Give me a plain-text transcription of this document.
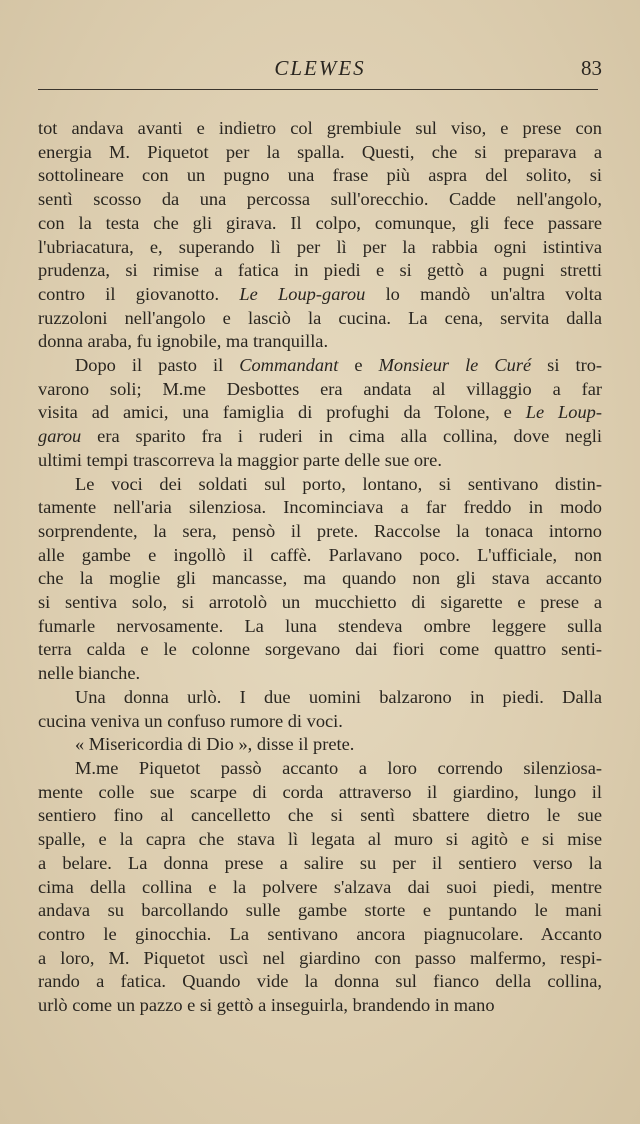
CLEWES	83

tot andava avanti e indietro col grembiule sul viso, e prese con
energia M. Piquetot per la spalla. Questi, che si preparava a
sottolineare con un pugno una frase più aspra del solito, si
sentì scosso da una percossa sull'orecchio. Cadde nell'angolo,
con la testa che gli girava. Il colpo, comunque, gli fece passare
l'ubriacatura, e, superando lì per lì per la rabbia ogni istintiva
prudenza, si rimise a fatica in piedi e si gettò a pugni stretti
contro il giovanotto. Le Loup-garou lo mandò un'altra volta
ruzzoloni nell'angolo e lasciò la cucina. La cena, servita dalla
donna araba, fu ignobile, ma tranquilla.

Dopo il pasto il Commandant e Monsieur le Curé si tro-
varono soli; M.me Desbottes era andata al villaggio a far
visita ad amici, una famiglia di profughi da Tolone, e Le Loup-
garou era sparito fra i ruderi in cima alla collina, dove negli
ultimi tempi trascorreva la maggior parte delle sue ore.

Le voci dei soldati sul porto, lontano, si sentivano distin-
tamente nell'aria silenziosa. Incominciava a far freddo in modo
sorprendente, la sera, pensò il prete. Raccolse la tonaca intorno
alle gambe e ingollò il caffè. Parlavano poco. L'ufficiale, non
che la moglie gli mancasse, ma quando non gli stava accanto
si sentiva solo, si arrotolò un mucchietto di sigarette e prese a
fumarle nervosamente. La luna stendeva ombre leggere sulla
terra calda e le colonne sorgevano dai fiori come quattro senti-
nelle bianche.

Una donna urlò. I due uomini balzarono in piedi. Dalla
cucina veniva un confuso rumore di voci.

« Misericordia di Dio », disse il prete.

M.me Piquetot passò accanto a loro correndo silenziosa-
mente colle sue scarpe di corda attraverso il giardino, lungo il
sentiero fino al cancelletto che si sentì sbattere dietro le sue
spalle, e la capra che stava lì legata al muro si agitò e si mise
a belare. La donna prese a salire su per il sentiero verso la
cima della collina e la polvere s'alzava dai suoi piedi, mentre
andava su barcollando sulle gambe storte e puntando le mani
contro le ginocchia. La sentivano ancora piagnucolare. Accanto
a loro, M. Piquetot uscì nel giardino con passo malfermo, respi-
rando a fatica. Quando vide la donna sul fianco della collina,
urlò come un pazzo e si gettò a inseguirla, brandendo in mano
